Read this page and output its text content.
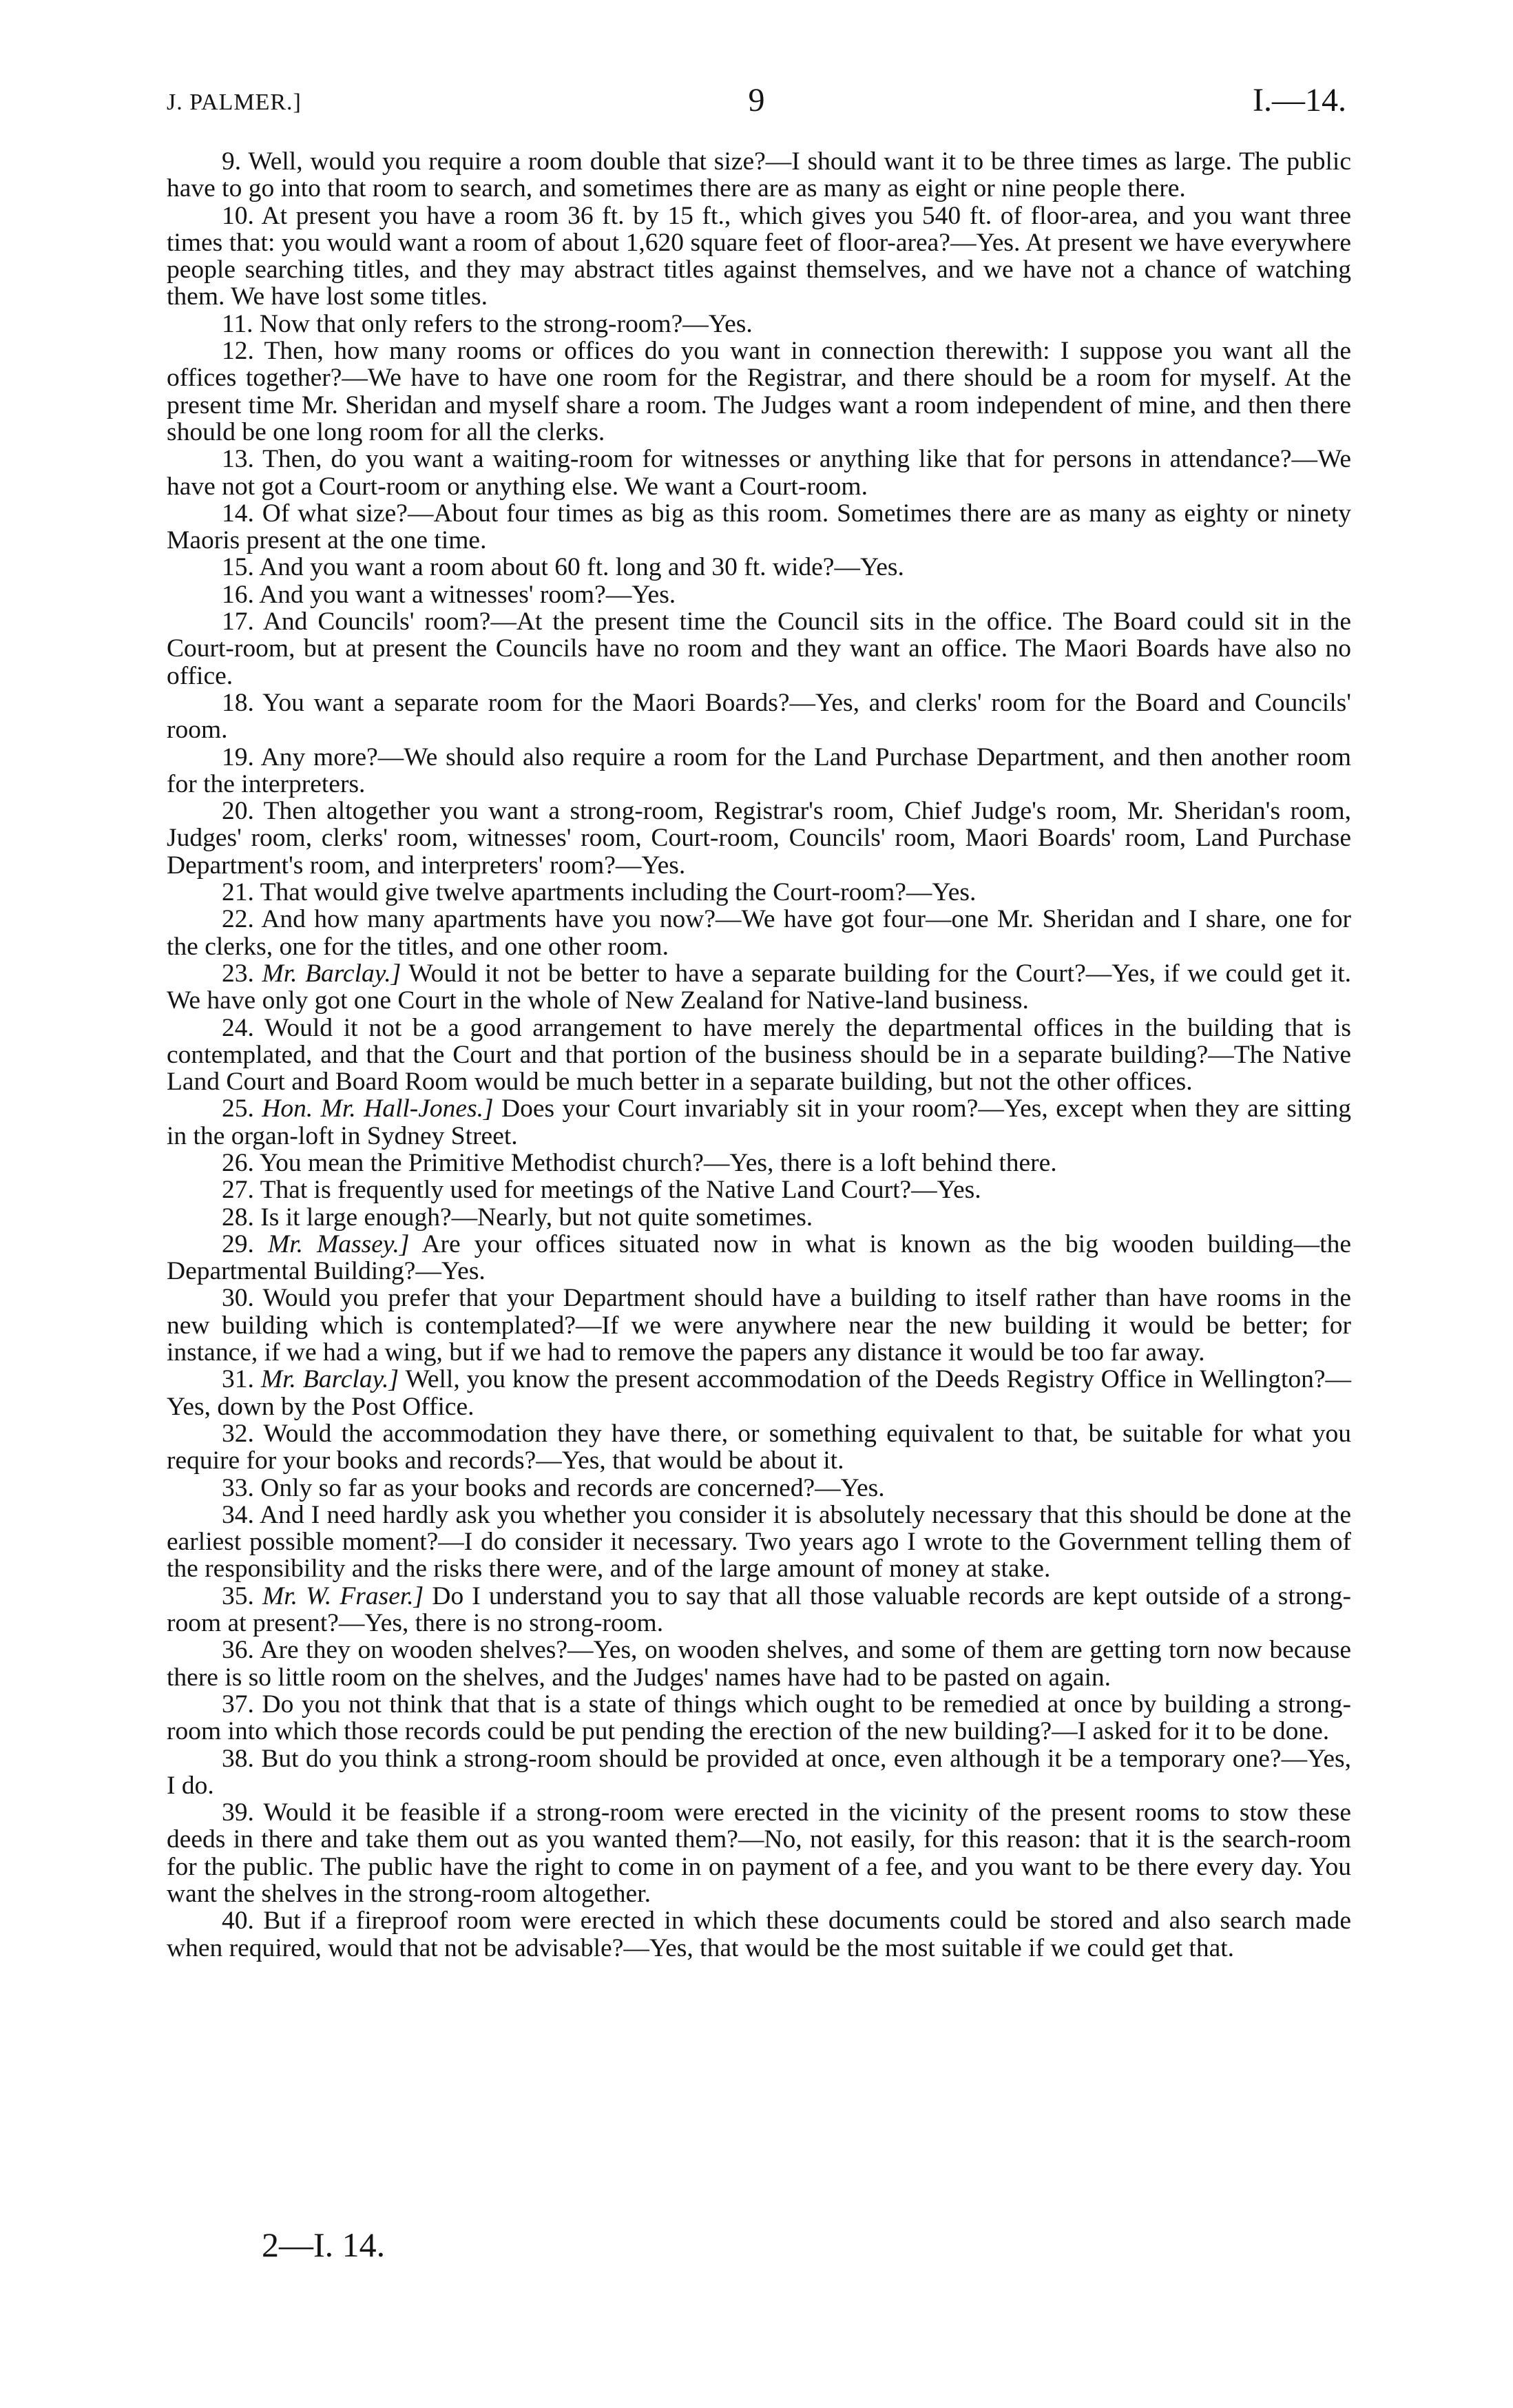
J. PALMER.]	9	I.—14.

9. Well, would you require a room double that size?—I should want it to be three times as large. The public have to go into that room to search, and sometimes there are as many as eight or nine people there.

10. At present you have a room 36 ft. by 15 ft., which gives you 540 ft. of floor-area, and you want three times that: you would want a room of about 1,620 square feet of floor-area?—Yes. At present we have everywhere people searching titles, and they may abstract titles against themselves, and we have not a chance of watching them. We have lost some titles.

11. Now that only refers to the strong-room?—Yes.

12. Then, how many rooms or offices do you want in connection therewith: I suppose you want all the offices together?—We have to have one room for the Registrar, and there should be a room for myself. At the present time Mr. Sheridan and myself share a room. The Judges want a room independent of mine, and then there should be one long room for all the clerks.

13. Then, do you want a waiting-room for witnesses or anything like that for persons in attendance?—We have not got a Court-room or anything else. We want a Court-room.

14. Of what size?—About four times as big as this room. Sometimes there are as many as eighty or ninety Maoris present at the one time.

15. And you want a room about 60 ft. long and 30 ft. wide?—Yes.

16. And you want a witnesses' room?—Yes.

17. And Councils' room?—At the present time the Council sits in the office. The Board could sit in the Court-room, but at present the Councils have no room and they want an office. The Maori Boards have also no office.

18. You want a separate room for the Maori Boards?—Yes, and clerks' room for the Board and Councils' room.

19. Any more?—We should also require a room for the Land Purchase Department, and then another room for the interpreters.

20. Then altogether you want a strong-room, Registrar's room, Chief Judge's room, Mr. Sheridan's room, Judges' room, clerks' room, witnesses' room, Court-room, Councils' room, Maori Boards' room, Land Purchase Department's room, and interpreters' room?—Yes.

21. That would give twelve apartments including the Court-room?—Yes.

22. And how many apartments have you now?—We have got four—one Mr. Sheridan and I share, one for the clerks, one for the titles, and one other room.

23. Mr. Barclay.] Would it not be better to have a separate building for the Court?—Yes, if we could get it. We have only got one Court in the whole of New Zealand for Native-land business.

24. Would it not be a good arrangement to have merely the departmental offices in the building that is contemplated, and that the Court and that portion of the business should be in a separate building?—The Native Land Court and Board Room would be much better in a separate building, but not the other offices.

25. Hon. Mr. Hall-Jones.] Does your Court invariably sit in your room?—Yes, except when they are sitting in the organ-loft in Sydney Street.

26. You mean the Primitive Methodist church?—Yes, there is a loft behind there.

27. That is frequently used for meetings of the Native Land Court?—Yes.

28. Is it large enough?—Nearly, but not quite sometimes.

29. Mr. Massey.] Are your offices situated now in what is known as the big wooden building—the Departmental Building?—Yes.

30. Would you prefer that your Department should have a building to itself rather than have rooms in the new building which is contemplated?—If we were anywhere near the new building it would be better; for instance, if we had a wing, but if we had to remove the papers any distance it would be too far away.

31. Mr. Barclay.] Well, you know the present accommodation of the Deeds Registry Office in Wellington?—Yes, down by the Post Office.

32. Would the accommodation they have there, or something equivalent to that, be suitable for what you require for your books and records?—Yes, that would be about it.

33. Only so far as your books and records are concerned?—Yes.

34. And I need hardly ask you whether you consider it is absolutely necessary that this should be done at the earliest possible moment?—I do consider it necessary. Two years ago I wrote to the Government telling them of the responsibility and the risks there were, and of the large amount of money at stake.

35. Mr. W. Fraser.] Do I understand you to say that all those valuable records are kept outside of a strong-room at present?—Yes, there is no strong-room.

36. Are they on wooden shelves?—Yes, on wooden shelves, and some of them are getting torn now because there is so little room on the shelves, and the Judges' names have had to be pasted on again.

37. Do you not think that that is a state of things which ought to be remedied at once by building a strong-room into which those records could be put pending the erection of the new building?—I asked for it to be done.

38. But do you think a strong-room should be provided at once, even although it be a temporary one?—Yes, I do.

39. Would it be feasible if a strong-room were erected in the vicinity of the present rooms to stow these deeds in there and take them out as you wanted them?—No, not easily, for this reason: that it is the search-room for the public. The public have the right to come in on payment of a fee, and you want to be there every day. You want the shelves in the strong-room altogether.

40. But if a fireproof room were erected in which these documents could be stored and also search made when required, would that not be advisable?—Yes, that would be the most suitable if we could get that.

2—I. 14.
